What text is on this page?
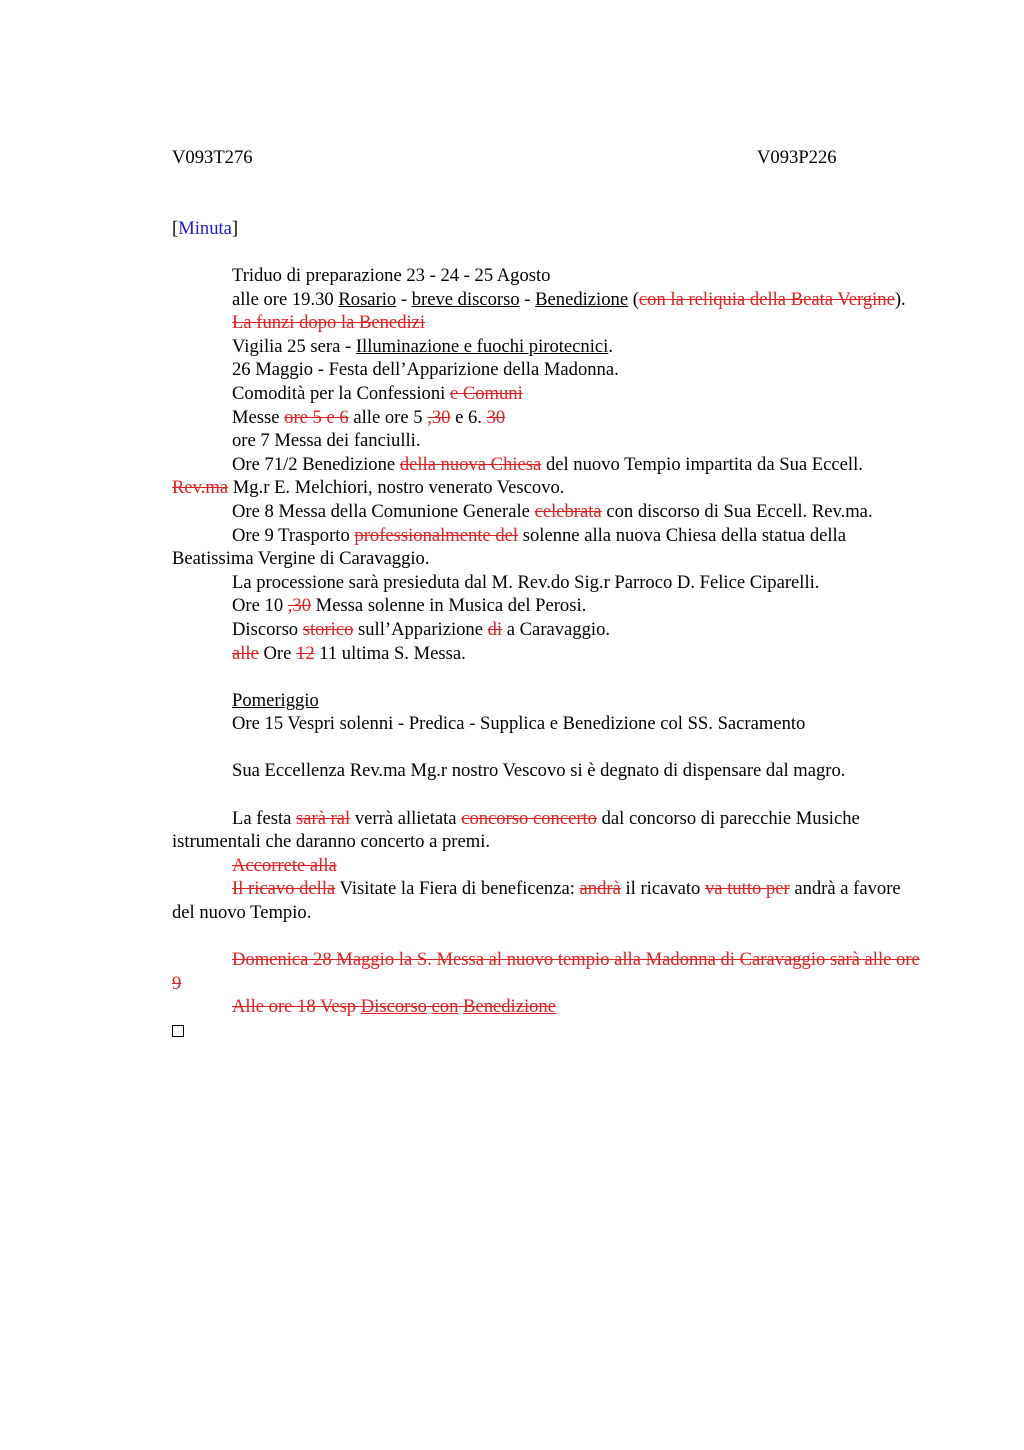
V093T276	V093P226
[Minuta]

Triduo di preparazione 23 - 24 - 25 Agosto

alle ore 19.30 Rosario - breve discorso - Benedizione (con la reliquia della Beata Vergine).

La funzi dopo la Benedizi

Vigilia 25 sera - Illuminazione e fuochi pirotecnici.

26 Maggio - Festa dell’Apparizione della Madonna.

Comodità per la Confessioni e Comuni

Messe ore 5 e 6 alle ore 5 ,30 e 6. 30

ore 7 Messa dei fanciulli.

Ore 71/2 Benedizione della nuova Chiesa del nuovo Tempio impartita da Sua Eccell. Rev.ma Mg.r E. Melchiori, nostro venerato Vescovo.

Ore 8 Messa della Comunione Generale celebrata con discorso di Sua Eccell. Rev.ma.

Ore 9 Trasporto professionalmente del solenne alla nuova Chiesa della statua della Beatissima Vergine di Caravaggio.

La processione sarà presieduta dal M. Rev.do Sig.r Parroco D. Felice Ciparelli.

Ore 10 ,30 Messa solenne in Musica del Perosi.

Discorso storico sull’Apparizione di a Caravaggio.

alle Ore 12 11 ultima S. Messa.

Pomeriggio

Ore 15 Vespri solenni - Predica - Supplica e Benedizione col SS. Sacramento

Sua Eccellenza Rev.ma Mg.r nostro Vescovo si è degnato di dispensare dal magro.

La festa sarà ral verrà allietata concorso concerto dal concorso di parecchie Musiche istrumentali che daranno concerto a premi.

Accorrete alla

Il ricavo della Visitate la Fiera di beneficenza: andrà il ricavato va tutto per andrà a favore del nuovo Tempio.

Domenica 28 Maggio la S. Messa al nuovo tempio alla Madonna di Caravaggio sarà alle ore 9

Alle ore 18 Vesp Discorso con Benedizione
